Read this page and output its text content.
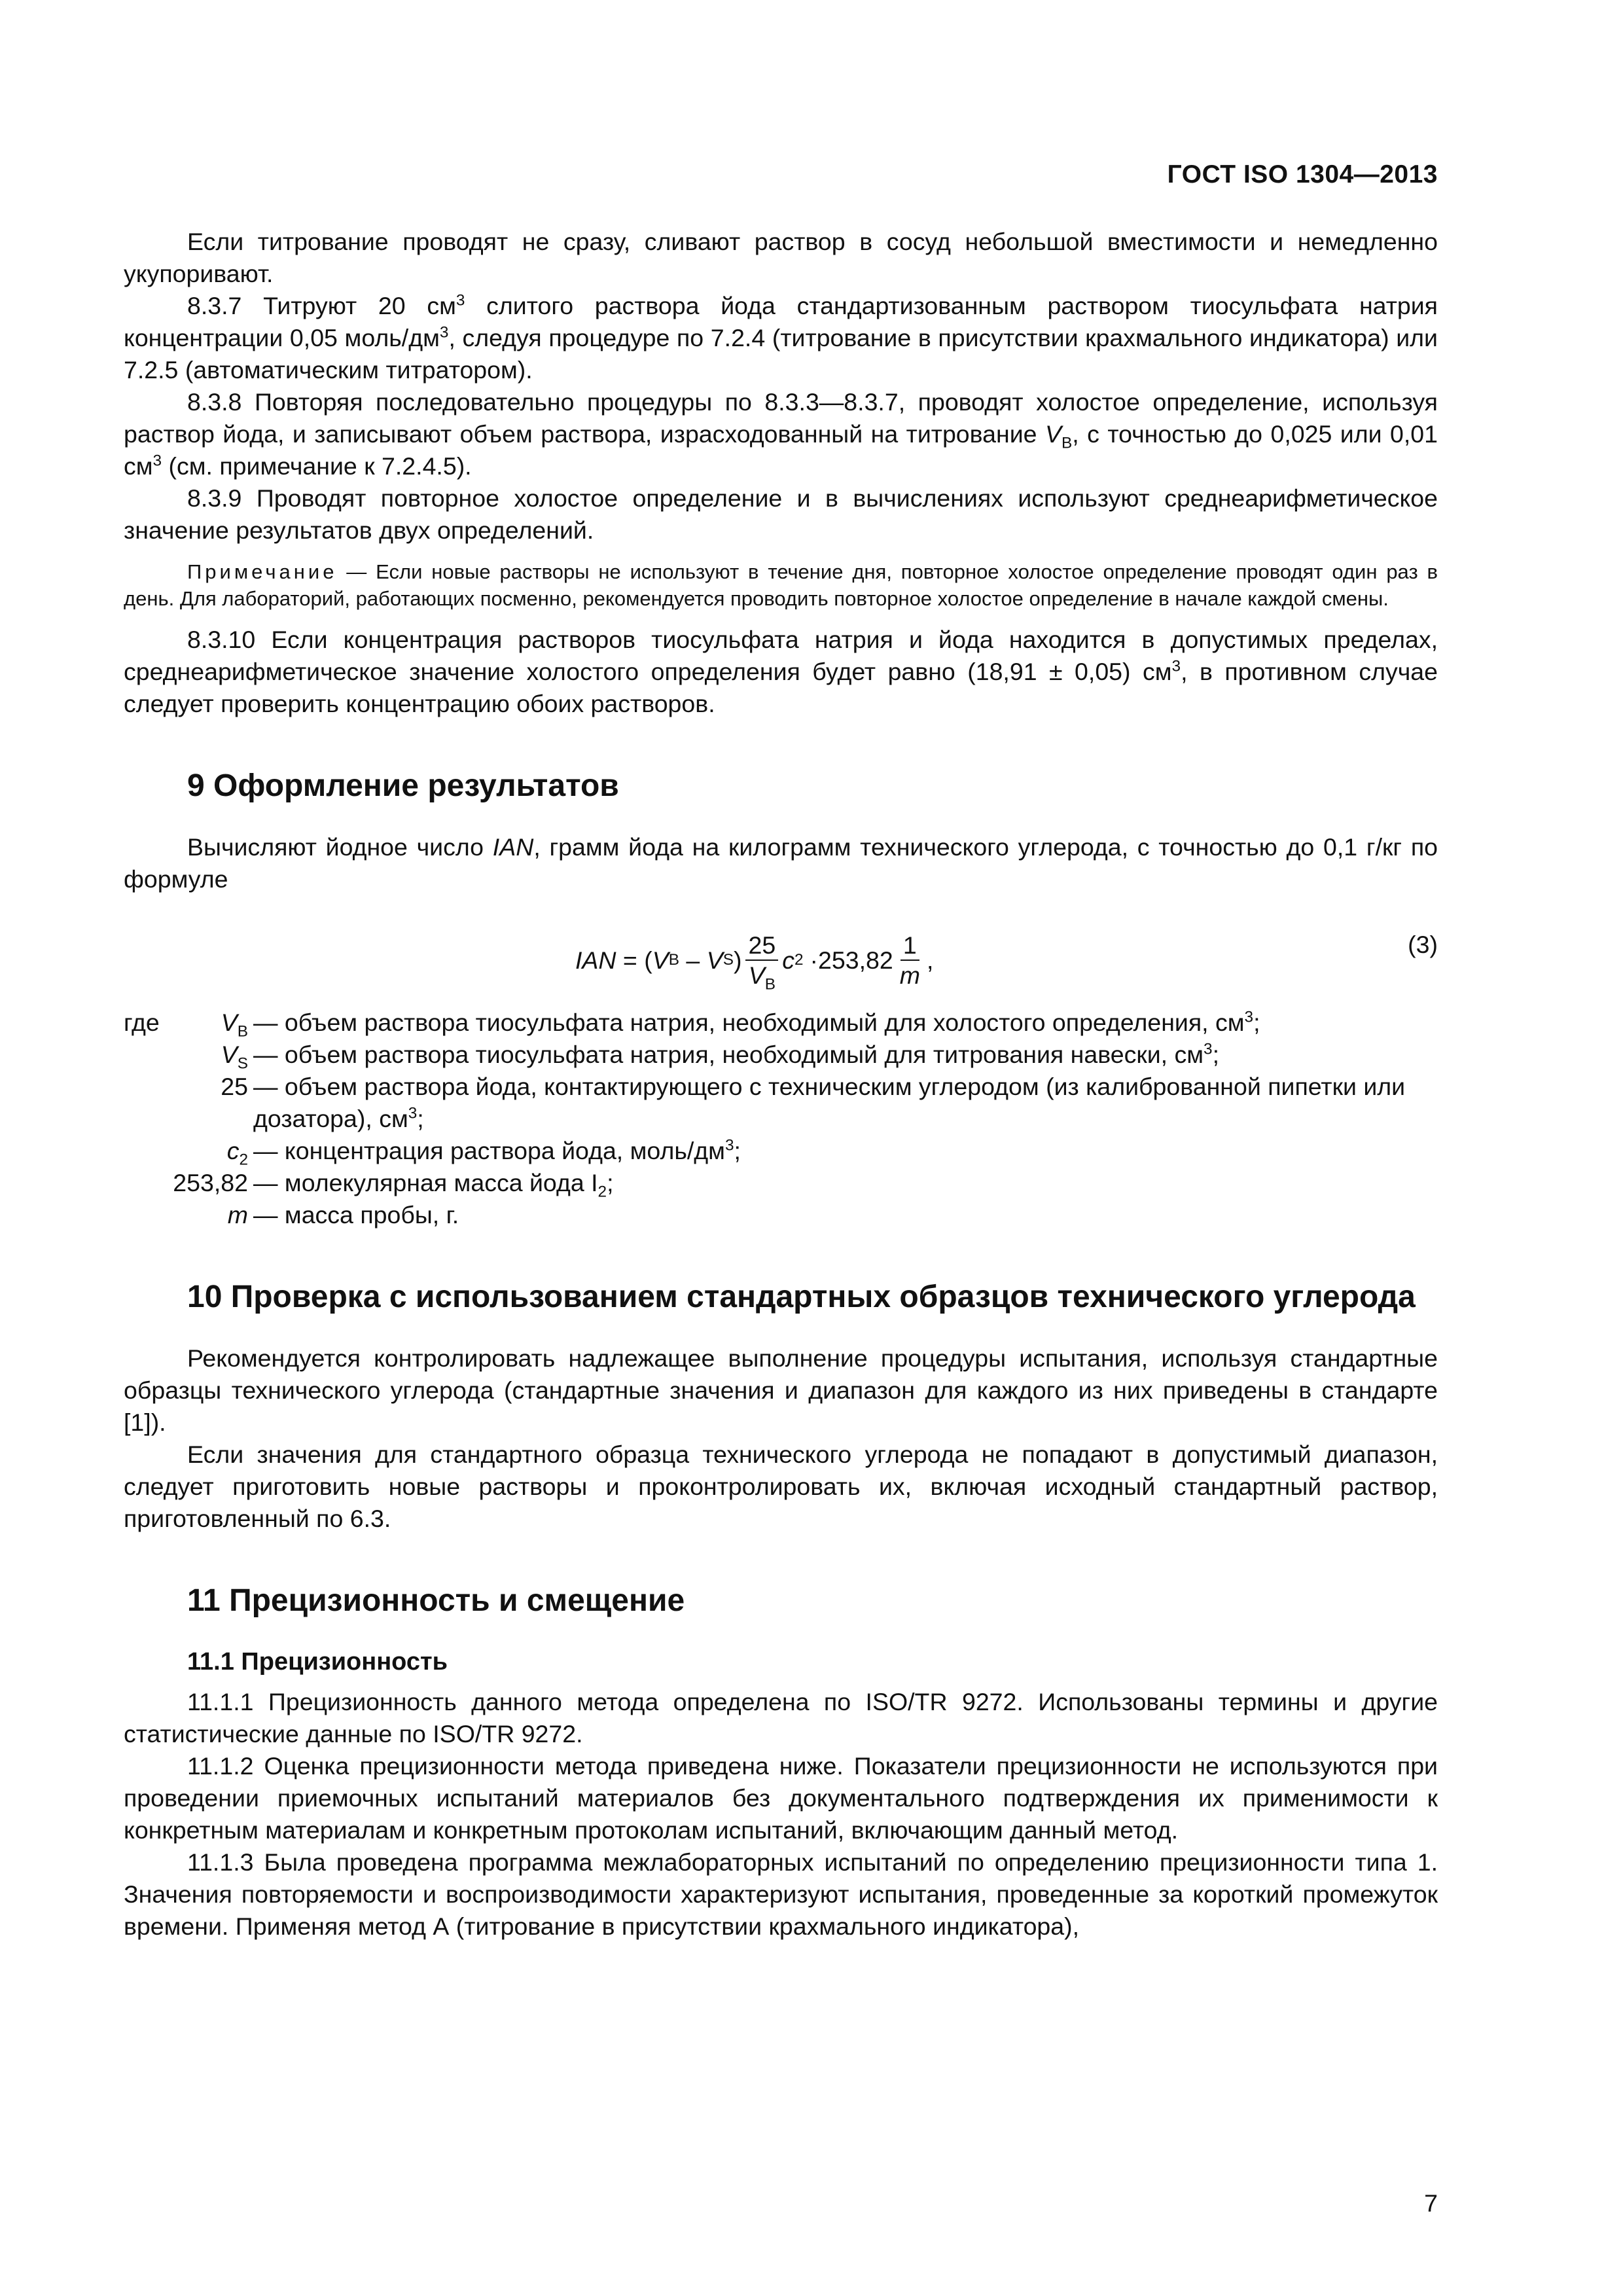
ГОСТ ISO 1304—2013

Если титрование проводят не сразу, сливают раствор в сосуд небольшой вместимости и немедленно укупоривают.

8.3.7 Титруют 20 $см^3$ слитого раствора йода стандартизованным раствором тиосульфата натрия концентрации 0,05 моль/$дм^3$, следуя процедуре по 7.2.4 (титрование в присутствии крахмального индикатора) или 7.2.5 (автоматическим титратором).

8.3.8 Повторяя последовательно процедуры по 8.3.3—8.3.7, проводят холостое определение, используя раствор йода, и записывают объем раствора, израсходованный на титрование $V_B$, с точностью до 0,025 или 0,01 $см^3$ (см. примечание к 7.2.4.5).

8.3.9 Проводят повторное холостое определение и в вычислениях используют среднеарифметическое значение результатов двух определений.

Примечание — Если новые растворы не используют в течение дня, повторное холостое определение проводят один раз в день. Для лабораторий, работающих посменно, рекомендуется проводить повторное холостое определение в начале каждой смены.

8.3.10 Если концентрация растворов тиосульфата натрия и йода находится в допустимых пределах, среднеарифметическое значение холостого определения будет равно (18,91 ± 0,05) $см^3$, в противном случае следует проверить концентрацию обоих растворов.

9 Оформление результатов

Вычисляют йодное число IAN, грамм йода на килограмм технического углерода, с точностью до 0,1 г/кг по формуле

IAN = ( V B – V S ) $\frac{25}{V_B}$ c $2 \cdot 253,82 \frac{1}{m}$ ,
(3)
где	$V_B$ — объем раствора тиосульфата натрия, необходимый для холостого определения, $см^3$;
$V_S$ — объем раствора тиосульфата натрия, необходимый для титрования навески, $см^3$;
25 — объем раствора йода, контактирующего с техническим углеродом (из калиброванной пипетки или дозатора), $см^3$;
$c_2$ — концентрация раствора йода, моль/$дм^3$;
253,82 — молекулярная масса йода $I_2$;
m — масса пробы, г.
10 Проверка с использованием стандартных образцов технического углерода

Рекомендуется контролировать надлежащее выполнение процедуры испытания, используя стандартные образцы технического углерода (стандартные значения и диапазон для каждого из них приведены в стандарте [1]).

Если значения для стандартного образца технического углерода не попадают в допустимый диапазон, следует приготовить новые растворы и проконтролировать их, включая исходный стандартный раствор, приготовленный по 6.3.

11 Прецизионность и смещение
11.1 Прецизионность

11.1.1 Прецизионность данного метода определена по ISO/TR 9272. Использованы термины и другие статистические данные по ISO/TR 9272.

11.1.2 Оценка прецизионности метода приведена ниже. Показатели прецизионности не используются при проведении приемочных испытаний материалов без документального подтверждения их применимости к конкретным материалам и конкретным протоколам испытаний, включающим данный метод.

11.1.3 Была проведена программа межлабораторных испытаний по определению прецизионности типа 1. Значения повторяемости и воспроизводимости характеризуют испытания, проведенные за короткий промежуток времени. Применяя метод А (титрование в присутствии крахмального индикатора),

7
